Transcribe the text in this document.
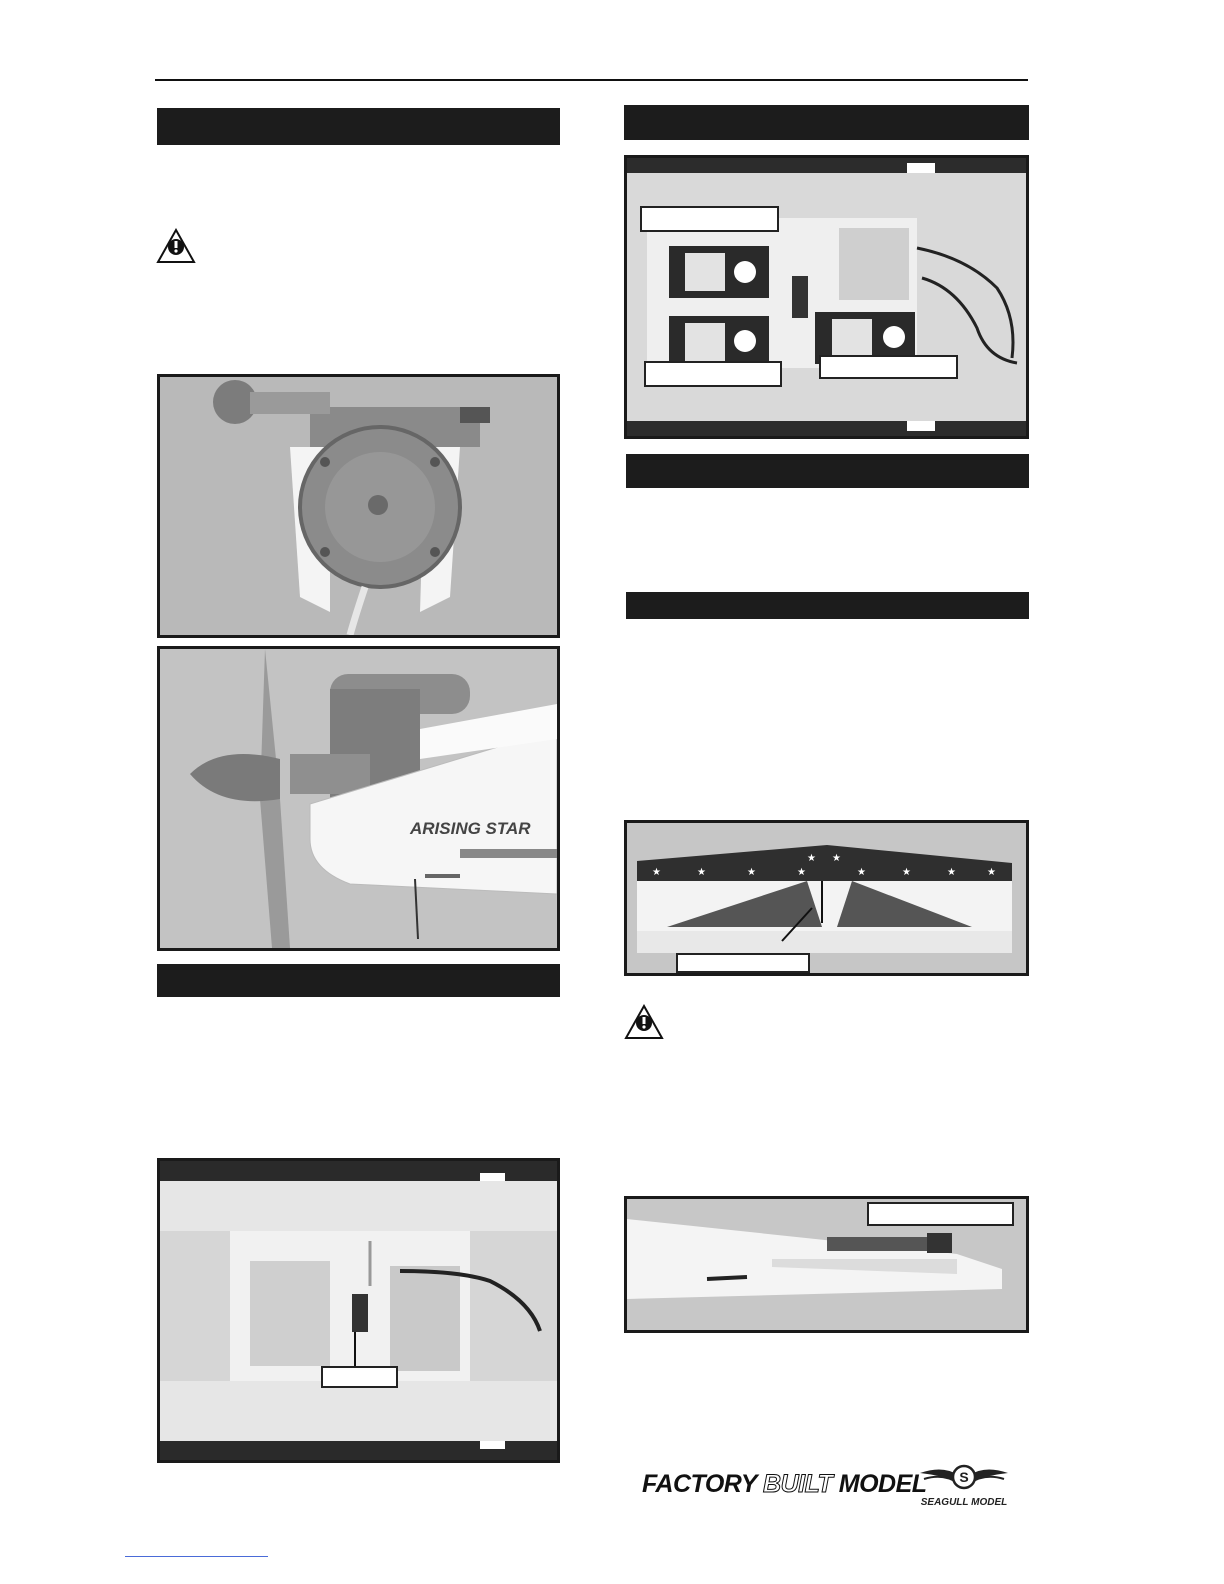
ARISING STAR
★	★	★	★
★ ★
★	★	★	★
FACTORY BUILT MODEL S
SEAGULL MODEL
